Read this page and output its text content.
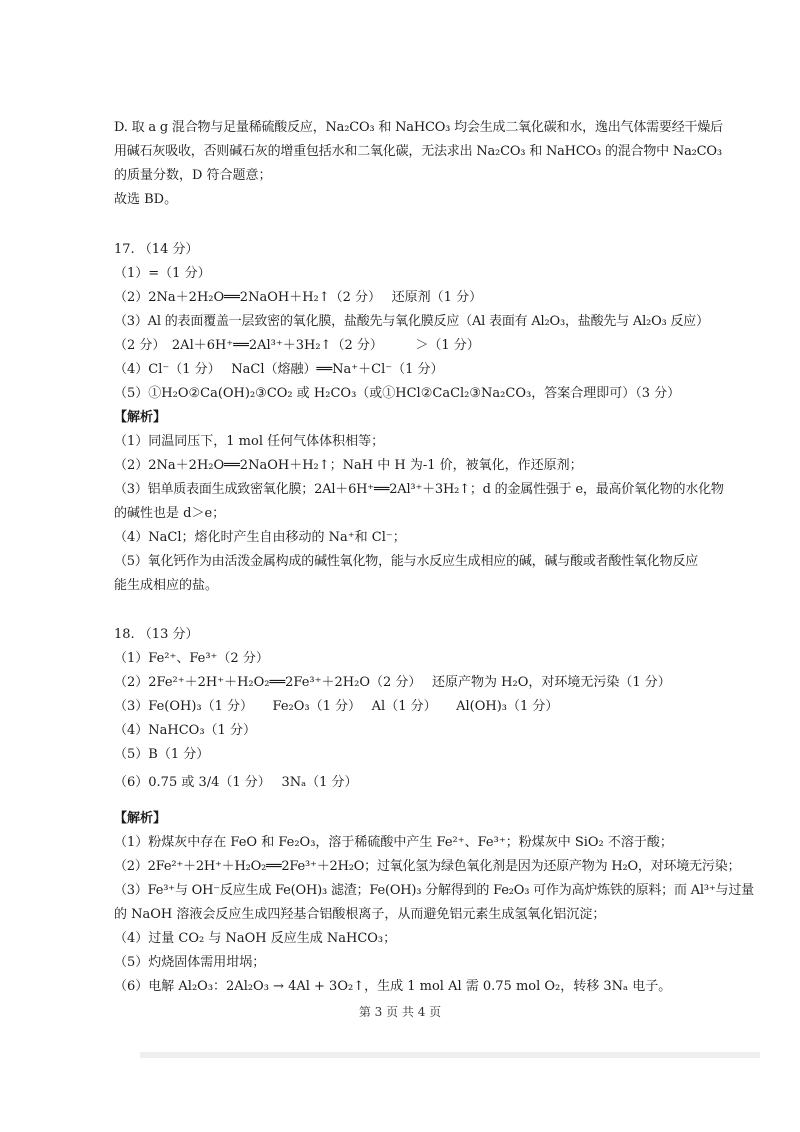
D. 取 a g 混合物与足量稀硫酸反应，Na₂CO₃ 和 NaHCO₃ 均会生成二氧化碳和水，逸出气体需要经干燥后
用碱石灰吸收，否则碱石灰的增重包括水和二氧化碳，无法求出 Na₂CO₃ 和 NaHCO₃ 的混合物中 Na₂CO₃
的质量分数，D 符合题意；
故选 BD。
17. （14 分）
（1）=（1 分）
（2）2Na＋2H₂O══2NaOH＋H₂↑（2 分）　 还原剂（1 分）
（3）Al 的表面覆盖一层致密的氧化膜，盐酸先与氧化膜反应（Al 表面有 Al₂O₃，盐酸先与 Al₂O₃ 反应）
（2 分）　2Al＋6H⁺══2Al³⁺＋3H₂↑（2 分）　　　＞（1 分）
（4）Cl⁻（1 分）　 NaCl（熔融）══Na⁺＋Cl⁻（1 分）
（5）①H₂O②Ca(OH)₂③CO₂ 或 H₂CO₃（或①HCl②CaCl₂③Na₂CO₃，答案合理即可）（3 分）
【解析】
（1）同温同压下，1 mol 任何气体体积相等；
（2）2Na＋2H₂O══2NaOH＋H₂↑；NaH 中 H 为-1 价，被氧化，作还原剂；
（3）铝单质表面生成致密氧化膜；2Al＋6H⁺══2Al³⁺＋3H₂↑；d 的金属性强于 e，最高价氧化物的水化物
的碱性也是 d＞e；
（4）NaCl；熔化时产生自由移动的 Na⁺和 Cl⁻；
（5）氧化钙作为由活泼金属构成的碱性氧化物，能与水反应生成相应的碱，碱与酸或者酸性氧化物反应
能生成相应的盐。
18. （13 分）
（1）Fe²⁺、Fe³⁺（2 分）
（2）2Fe²⁺＋2H⁺＋H₂O₂══2Fe³⁺＋2H₂O（2 分）　 还原产物为 H₂O，对环境无污染（1 分）
（3）Fe(OH)₃（1 分）　　Fe₂O₃（1 分）　 Al（1 分）　　Al(OH)₃（1 分）
（4）NaHCO₃（1 分）
（5）B（1 分）
（6）0.75 或 3/4（1 分）　 3Nₐ（1 分）
【解析】
（1）粉煤灰中存在 FeO 和 Fe₂O₃，溶于稀硫酸中产生 Fe²⁺、Fe³⁺；粉煤灰中 SiO₂ 不溶于酸；
（2）2Fe²⁺＋2H⁺＋H₂O₂══2Fe³⁺＋2H₂O；过氧化氢为绿色氧化剂是因为还原产物为 H₂O，对环境无污染；
（3）Fe³⁺与 OH⁻反应生成 Fe(OH)₃ 滤渣；Fe(OH)₃ 分解得到的 Fe₂O₃ 可作为高炉炼铁的原料；而 Al³⁺与过量
的 NaOH 溶液会反应生成四羟基合铝酸根离子，从而避免铝元素生成氢氧化铝沉淀；
（4）过量 CO₂ 与 NaOH 反应生成 NaHCO₃；
（5）灼烧固体需用坩埚；
（6）电解 Al₂O₃：2Al₂O₃ → 4Al + 3O₂↑，生成 1 mol Al 需 0.75 mol O₂，转移 3Nₐ 电子。
第 3 页 共 4 页
